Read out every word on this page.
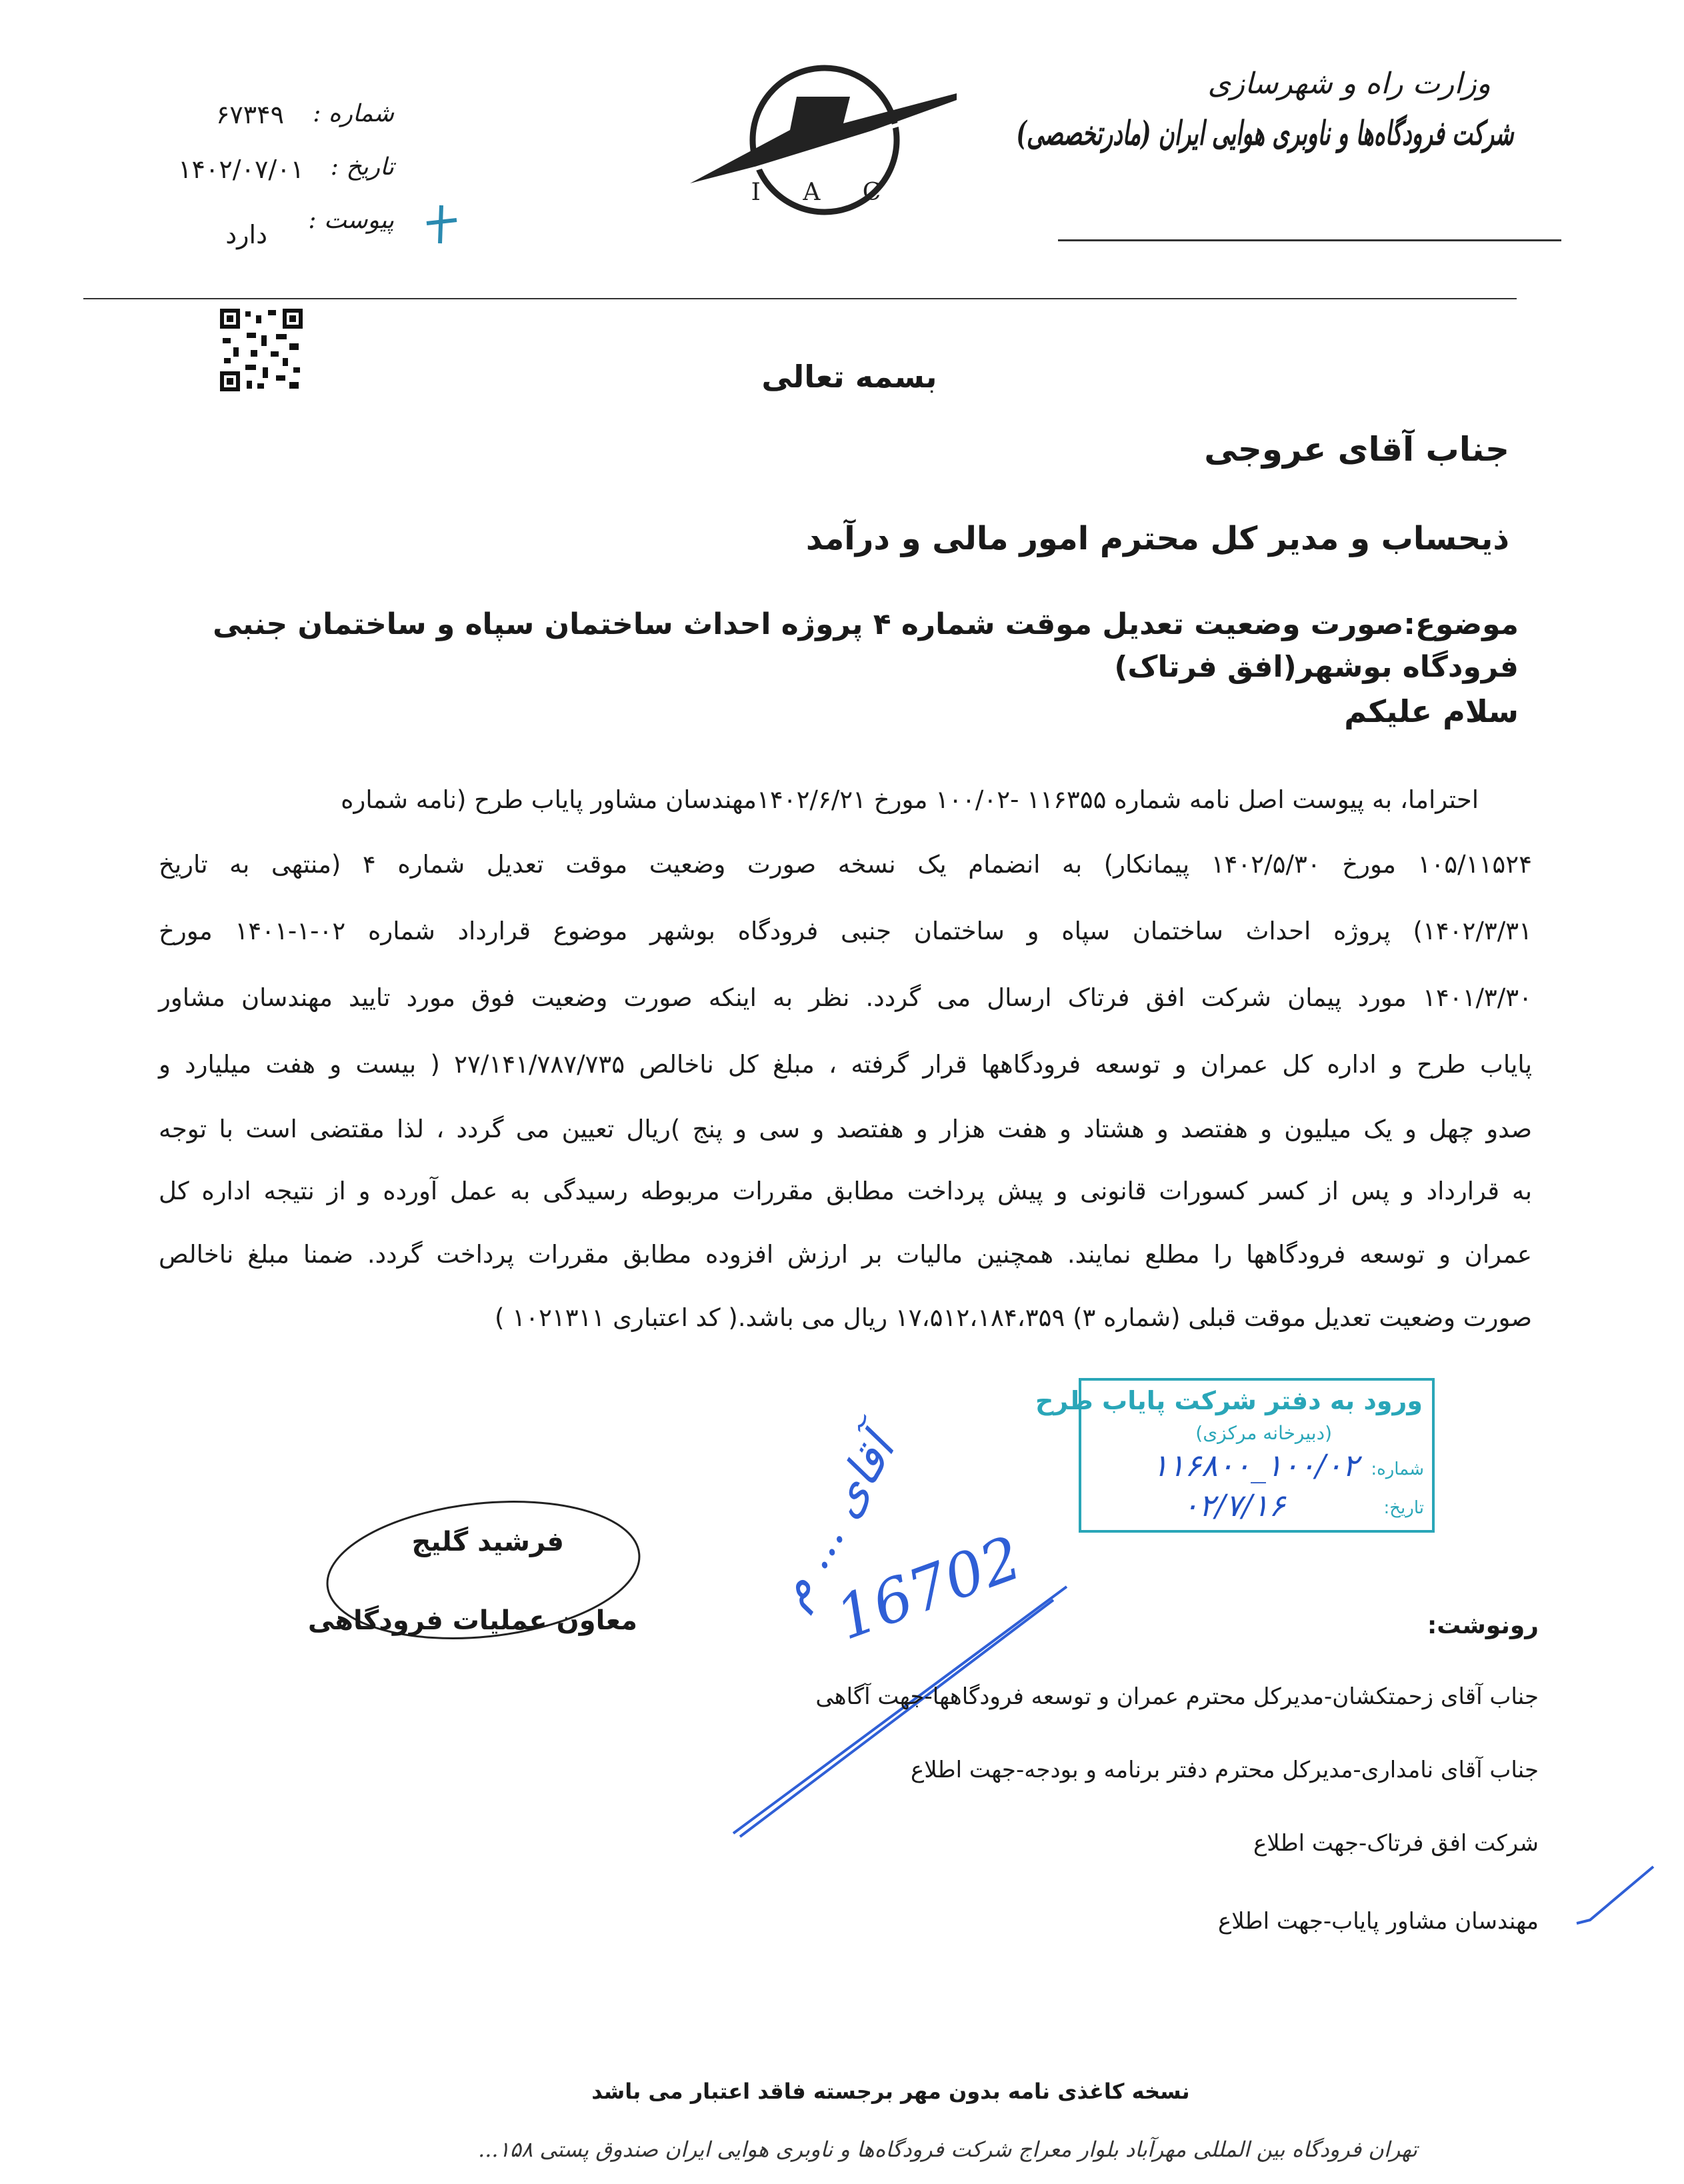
وزارت راه و شهرسازی
شرکت فرودگاه‌ها و ناوبری هوایی ایران (مادرتخصصی)
I A C
شماره :
۶۷۳۴۹
تاریخ :
۱۴۰۲/۰۷/۰۱
پیوست :
دارد
بسمه تعالی
جناب آقای عروجی
ذیحساب و مدیر کل محترم امور مالی و درآمد
موضوع:صورت وضعیت تعدیل موقت شماره ۴ پروژه احداث ساختمان سپاه و ساختمان جنبی فرودگاه بوشهر(افق فرتاک)
سلام علیکم
احتراما، به پیوست اصل نامه شماره ۱۱۶۳۵۵ -۱۰۰/۰۲ مورخ ۱۴۰۲/۶/۲۱مهندسان مشاور پایاب طرح (نامه شماره
۱۰۵/۱۱۵۲۴ مورخ ۱۴۰۲/۵/۳۰ پیمانکار) به انضمام یک نسخه صورت وضعیت موقت تعدیل شماره ۴ (منتهی به تاریخ
۱۴۰۲/۳/۳۱) پروژه احداث ساختمان سپاه و ساختمان جنبی فرودگاه بوشهر موضوع قرارداد شماره ۰۲-۱-۱۴۰۱ مورخ
۱۴۰۱/۳/۳۰ مورد پیمان شرکت افق فرتاک ارسال می گردد. نظر به اینکه صورت وضعیت فوق مورد تایید مهندسان مشاور
پایاب طرح و اداره کل عمران و توسعه فرودگاهها قرار گرفته ، مبلغ کل ناخالص ۲۷/۱۴۱/۷۸۷/۷۳۵ ( بیست و هفت میلیارد و
صدو چهل و یک میلیون و هفتصد و هشتاد و هفت هزار و هفتصد و سی و پنج )ریال تعیین می گردد ، لذا مقتضی است با توجه
به قرارداد و پس از کسر کسورات قانونی و پیش پرداخت مطابق مقررات مربوطه رسیدگی به عمل آورده و از نتیجه اداره کل
عمران و توسعه فرودگاهها را مطلع نمایند. همچنین مالیات بر ارزش افزوده مطابق مقررات پرداخت گردد. ضمنا مبلغ ناخالص
صورت وضعیت تعدیل موقت قبلی (شماره ۳) ۱۷،۵۱۲،۱۸۴،۳۵۹ ریال می باشد.( کد اعتباری ۱۰۲۱۳۱۱ )
ورود به دفتر شرکت پایاب طرح
(دبیرخانه مرکزی)
شماره:
۱۰۰/۰۲_۱۱۶۸۰۰
تاریخ:
۰۲/۷/۱۶
فرشید گلیج
معاون عملیات فرودگاهی
آقای ... م
16702	رونوشت:
جناب آقای زحمتکشان-مدیرکل محترم عمران و توسعه فرودگاهها-جهت آگاهی
جناب آقای نامداری-مدیرکل محترم دفتر برنامه و بودجه-جهت اطلاع
شرکت افق فرتاک-جهت اطلاع
مهندسان مشاور پایاب-جهت اطلاع
نسخه کاغذی نامه بدون مهر برجسته فاقد اعتبار می باشد
تهران فرودگاه بین المللی مهرآباد بلوار معراج شرکت فرودگاه‌ها و ناوبری هوایی ایران صندوق پستی ۱۵۸...
